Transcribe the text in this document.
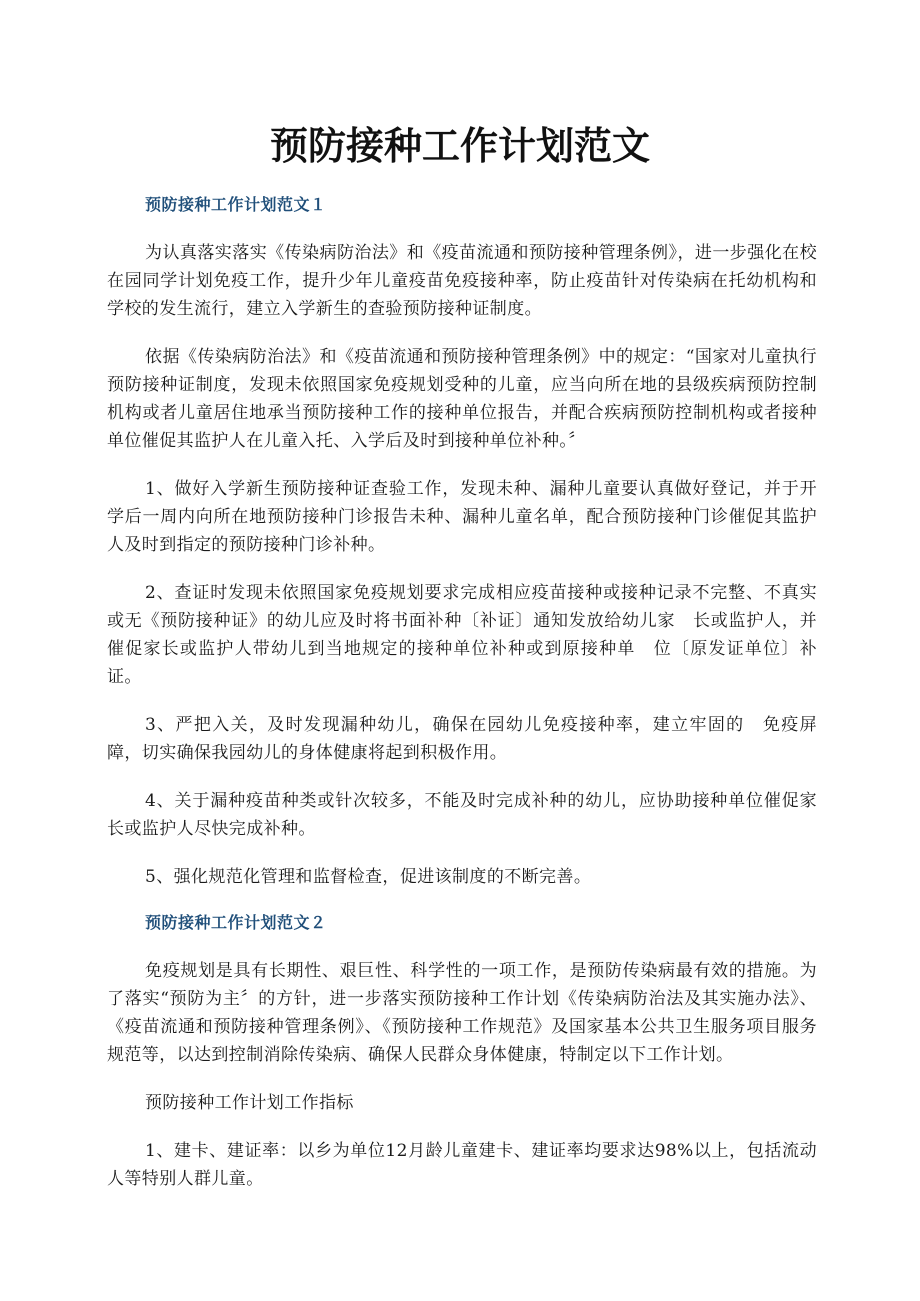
预防接种工作计划范文
预防接种工作计划范文１

为认真落实落实《传染病防治法》和《疫苗流通和预防接种管理条例》，进一步强化在校在园同学计划免疫工作，提升少年儿童疫苗免疫接种率，防止疫苗针对传染病在托幼机构和学校的发生流行，建立入学新生的查验预防接种证制度。

依据《传染病防治法》和《疫苗流通和预防接种管理条例》中的规定：“国家对儿童执行预防接种证制度，发现未依照国家免疫规划受种的儿童，应当向所在地的县级疾病预防控制机构或者儿童居住地承当预防接种工作的接种单位报告，并配合疾病预防控制机构或者接种单位催促其监护人在儿童入托、入学后及时到接种单位补种。〞

1、做好入学新生预防接种证查验工作，发现未种、漏种儿童要认真做好登记，并于开学后一周内向所在地预防接种门诊报告未种、漏种儿童名单，配合预防接种门诊催促其监护人及时到指定的预防接种门诊补种。

2、查证时发现未依照国家免疫规划要求完成相应疫苗接种或接种记录不完整、不真实或无《预防接种证》的幼儿应及时将书面补种〔补证〕通知发放给幼儿家　长或监护人，并催促家长或监护人带幼儿到当地规定的接种单位补种或到原接种单　位〔原发证单位〕补证。

3、严把入关，及时发现漏种幼儿，确保在园幼儿免疫接种率，建立牢固的　免疫屏障，切实确保我园幼儿的身体健康将起到积极作用。

4、关于漏种疫苗种类或针次较多，不能及时完成补种的幼儿，应协助接种单位催促家长或监护人尽快完成补种。

5、强化规范化管理和监督检查，促进该制度的不断完善。

预防接种工作计划范文２

免疫规划是具有长期性、艰巨性、科学性的一项工作，是预防传染病最有效的措施。为了落实“预防为主〞的方针，进一步落实预防接种工作计划《传染病防治法及其实施办法》、《疫苗流通和预防接种管理条例》、《预防接种工作规范》及国家基本公共卫生服务项目服务规范等，以达到控制消除传染病、确保人民群众身体健康，特制定以下工作计划。

预防接种工作计划工作指标

1、建卡、建证率：以乡为单位12月龄儿童建卡、建证率均要求达98%以上，包括流动人等特别人群儿童。
